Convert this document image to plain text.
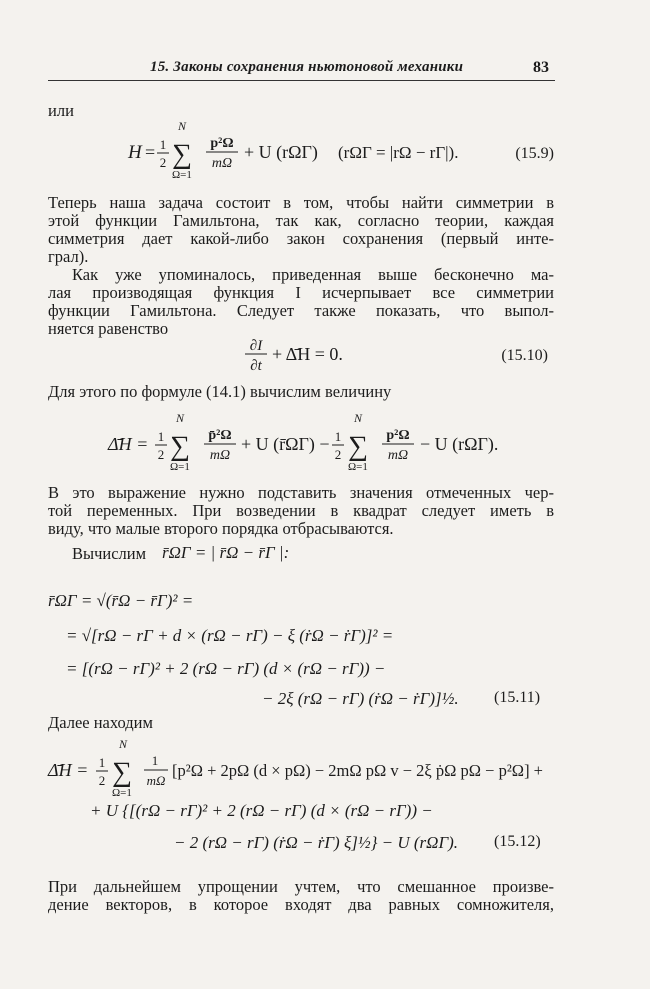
15. Законы сохранения ньютоновой механики	83
или
H = 1
2
N
∑
Ω=1
p²Ω
mΩ
+ U (rΩΓ) (rΩΓ = |rΩ − rΓ|).	(15.9)
Теперь наша задача состоит в том, чтобы найти симметрии в
этой функции Гамильтона, так как, согласно теории, каждая
симметрия дает какой-либо закон сохранения (первый инте-
грал).
Как уже упоминалось, приведенная выше бесконечно ма-
лая производящая функция I исчерпывает все симметрии
функции Гамильтона. Следует также показать, что выпол-
няется равенство
∂I
∂t
+ Δ̄H = 0.	(15.10)
Для этого по формуле (14.1) вычислим величину
Δ̄H = 1
2
N
∑
Ω=1
p̄²Ω
mΩ
+ U (r̄ΩΓ) − 1
2
N
∑
Ω=1
p²Ω
mΩ
− U (rΩΓ).
В это выражение нужно подставить значения отмеченных чер-
той переменных. При возведении в квадрат следует иметь в
виду, что малые второго порядка отбрасываются.
Вычислим r̄ΩΓ = | r̄Ω − r̄Γ |:
r̄ΩΓ = √(r̄Ω − r̄Γ)² =
= √[rΩ − rΓ + d × (rΩ − rΓ) − ξ (ṙΩ − ṙΓ)]² =
= [(rΩ − rΓ)² + 2 (rΩ − rΓ) (d × (rΩ − rΓ)) −
− 2ξ (rΩ − rΓ) (ṙΩ − ṙΓ)]½. (15.11)
Далее находим
Δ̄H = 1
2
N
∑
Ω=1
1
mΩ
[p²Ω + 2pΩ (d × pΩ) − 2mΩ pΩ v − 2ξ ṗΩ pΩ − p²Ω] +
+ U {[(rΩ − rΓ)² + 2 (rΩ − rΓ) (d × (rΩ − rΓ)) −
− 2 (rΩ − rΓ) (ṙΩ − ṙΓ) ξ]½} − U (rΩΓ). (15.12)
При дальнейшем упрощении учтем, что смешанное произве-
дение векторов, в которое входят два равных сомножителя,
